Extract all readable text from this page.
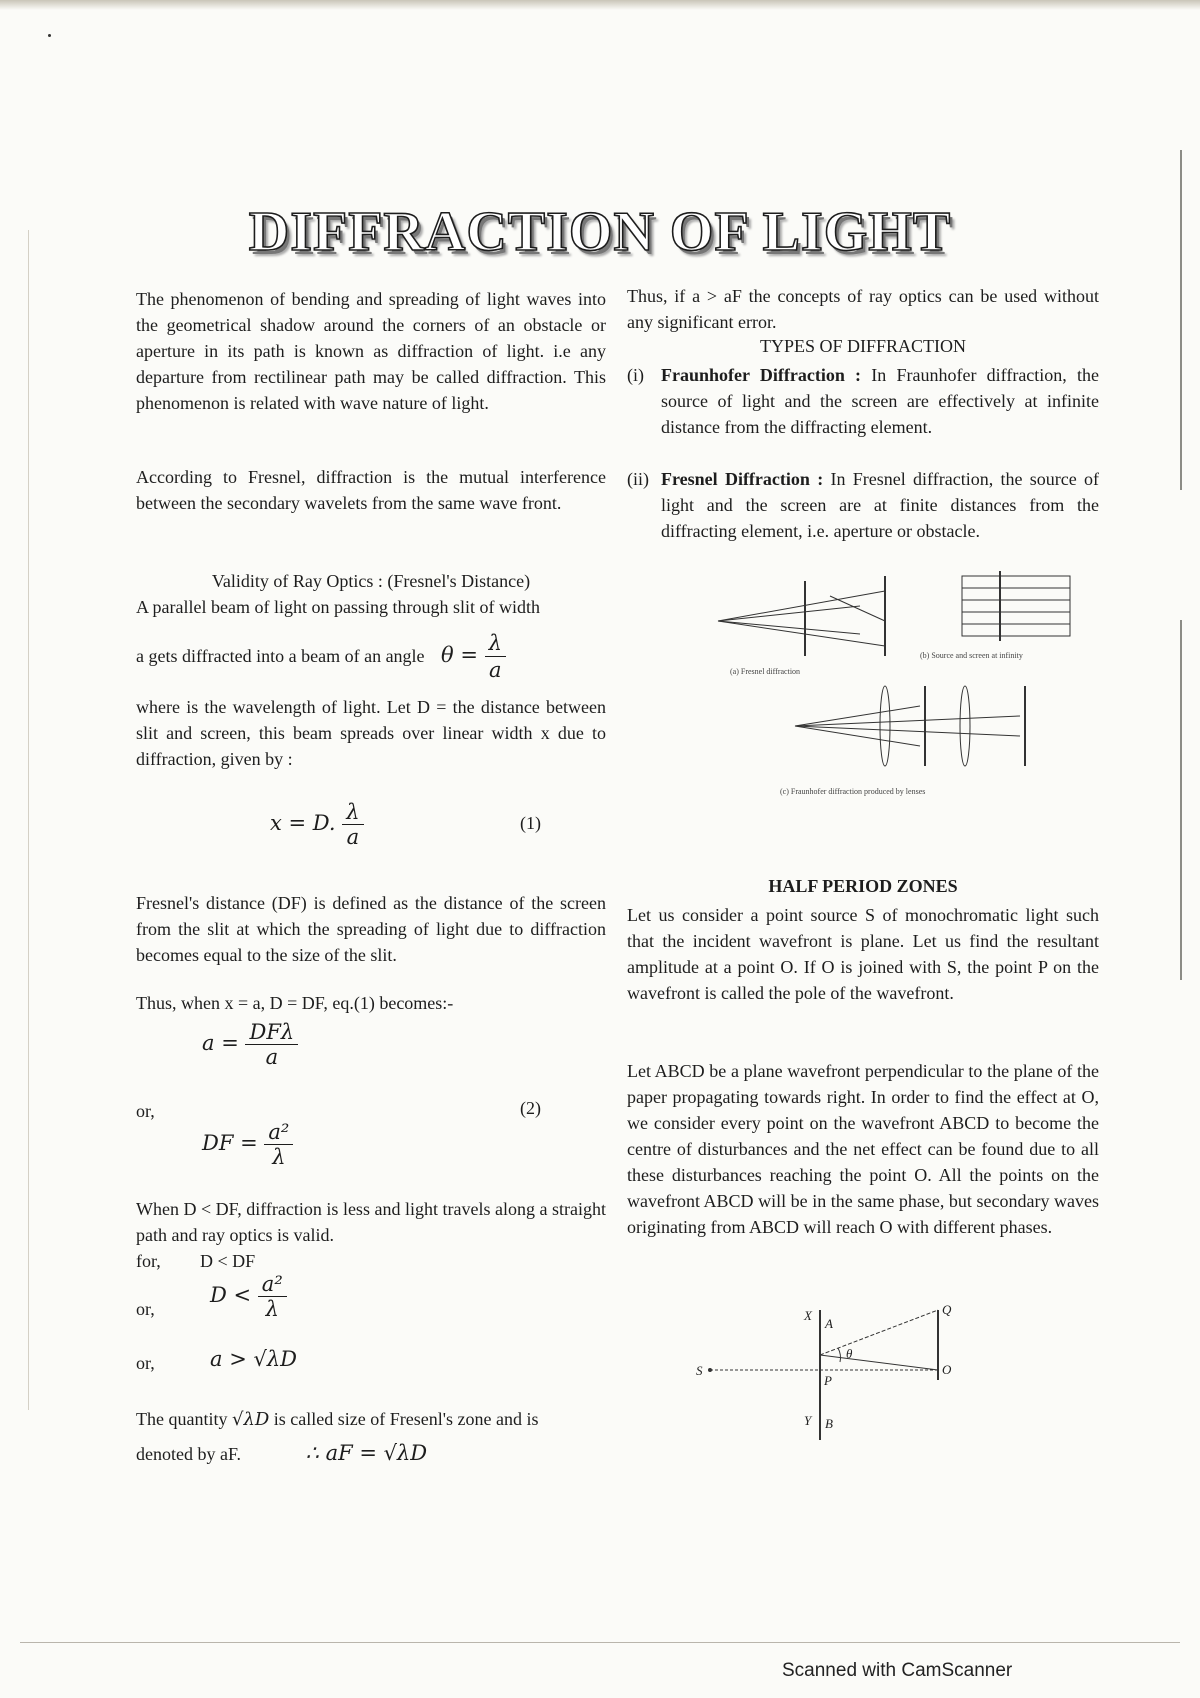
DIFFRACTION OF LIGHT

The phenomenon of bending and spreading of light waves into the geometrical shadow around the corners of an obstacle or aperture in its path is known as diffraction of light. i.e any departure from rectilinear path may be called diffraction. This phenomenon is related with wave nature of light.

According to Fresnel, diffraction is the mutual interference between the secondary wavelets from the same wave front.

Validity of Ray Optics : (Fresnel's Distance)
A parallel beam of light on passing through slit of width
a gets diffracted into a beam of an angle $\theta = \frac{\lambda}{a}$

where is the wavelength of light. Let D = the distance between slit and screen, this beam spreads over linear width x due to diffraction, given by :

x = D. $\frac{\lambda}{a}$	(1)

Fresnel's distance (DF) is defined as the distance of the screen from the slit at which the spreading of light due to diffraction becomes equal to the size of the slit.

Thus, when x = a, D = DF, eq.(1) becomes:-
$a = \frac{\text{DFλ}}{a}$
or,	(2)
DF = $\frac{\text{a²}}{\lambda}$

When D < DF, diffraction is less and light travels along a straight path and ray optics is valid.

for, D < DF
or,
$D < \frac{\text{a²}}{\lambda}$
or,	a > √λD
The quantity √λD is called size of Fresenl's zone and is
denoted by aF.	∴ aF = √λD

Thus, if a > aF the concepts of ray optics can be used without any significant error.

TYPES OF DIFFRACTION
(i) Fraunhofer Diffraction : In Fraunhofer diffraction, the source of light and the screen are effectively at infinite distance from the diffracting element.
(ii) Fresnel Diffraction : In Fresnel diffraction, the source of light and the screen are at finite distances from the diffracting element, i.e. aperture or obstacle.
(a) Fresnel diffraction
(b) Source and screen at infinity
(c) Fraunhofer diffraction produced by lenses
HALF PERIOD ZONES

Let us consider a point source S of monochromatic light such that the incident wavefront is plane. Let us find the resultant amplitude at a point O. If O is joined with S, the point P on the wavefront is called the pole of the wavefront.

Let ABCD be a plane wavefront perpendicular to the plane of the paper propagating towards right. In order to find the effect at O, we consider every point on the wavefront ABCD to become the centre of disturbances and the net effect can be found due to all these disturbances reaching the point O. All the points on the wavefront ABCD will be in the same phase, but secondary waves originating from ABCD will reach O with different phases.

S
P
Q
O
X
Y
A
B
θ
Scanned with CamScanner
